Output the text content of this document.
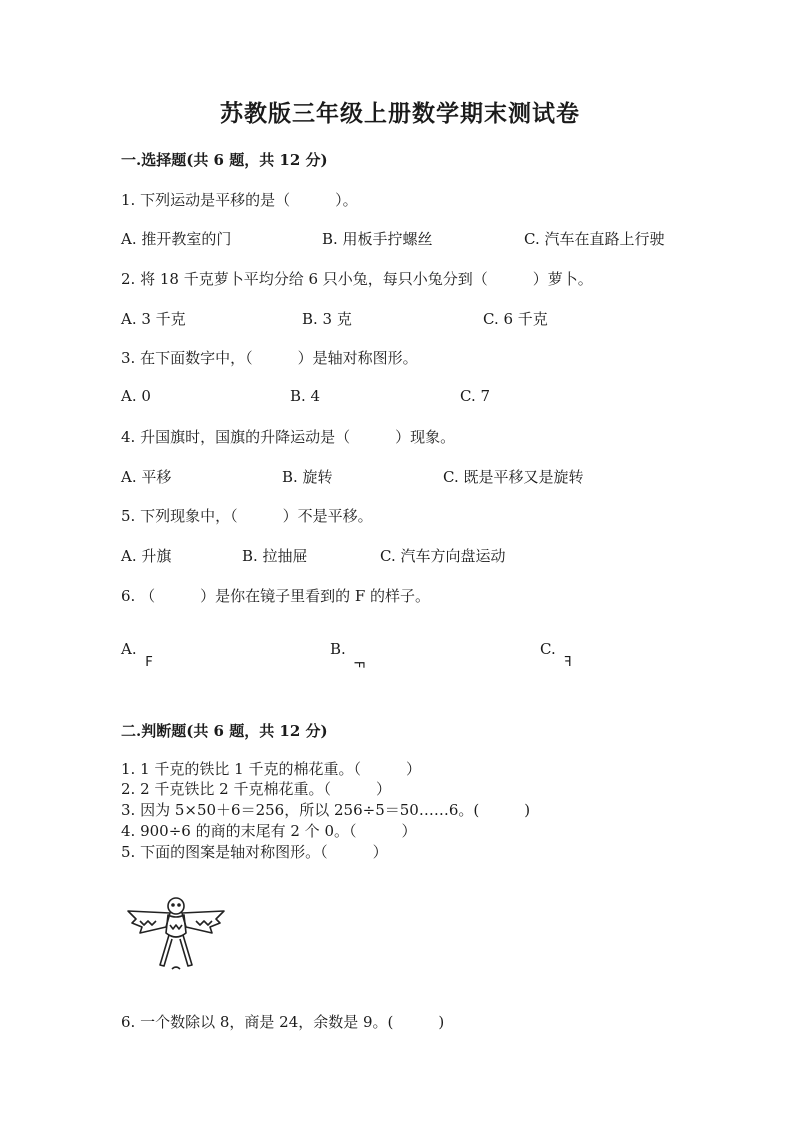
苏教版三年级上册数学期末测试卷
一.选择题(共 6 题，共 12 分)
1. 下列运动是平移的是（　　　）。
A. 推开教室的门	B. 用板手拧螺丝	C. 汽车在直路上行驶
2. 将 18 千克萝卜平均分给 6 只小兔，每只小兔分到（　　　）萝卜。
A. 3 千克	B. 3 克	C. 6 千克
3. 在下面数字中，（　　　）是轴对称图形。
A. 0	B. 4	C. 7
4. 升国旗时，国旗的升降运动是（　　　）现象。
A. 平移	B. 旋转	C. 既是平移又是旋转
5. 下列现象中，（　　　）不是平移。
A. 升旗	B. 拉抽屉	C. 汽车方向盘运动
6. （　　　）是你在镜子里看到的 F 的样子。
A.
F
B.
F
C.
F
二.判断题(共 6 题，共 12 分)
1. 1 千克的铁比 1 千克的棉花重。（　　　）
2. 2 千克铁比 2 千克棉花重。（　　　）
3. 因为 5×50＋6＝256，所以 256÷5＝50……6。(　　　)
4. 900÷6 的商的末尾有 2 个 0。（　　　）
5. 下面的图案是轴对称图形。（　　　）
6. 一个数除以 8，商是 24，余数是 9。(　　　)
